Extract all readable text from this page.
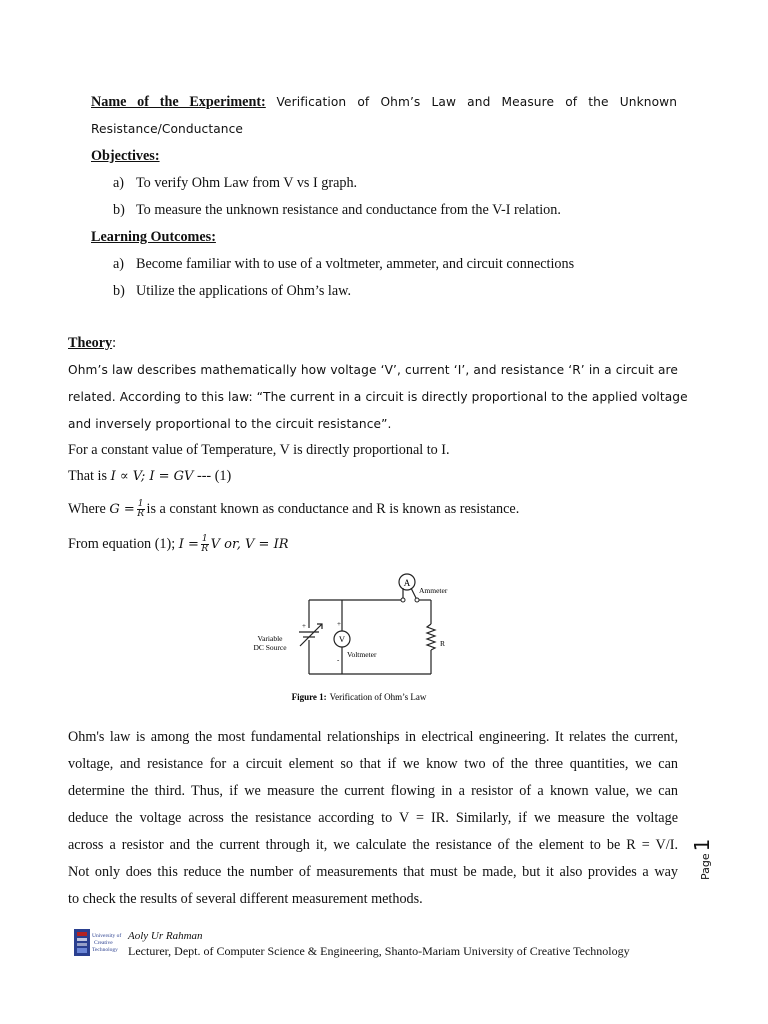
Name of the Experiment: Verification of Ohm’s Law and Measure of the Unknown
Resistance/Conductance
Objectives:
a) To verify Ohm Law from V vs I graph.
b) To measure the unknown resistance and conductance from the V-I relation.
Learning Outcomes:
a) Become familiar with to use of a voltmeter, ammeter, and circuit connections
b) Utilize the applications of Ohm’s law.
Theory:
Ohm’s law describes mathematically how voltage ‘V’, current ‘I’, and resistance ‘R’ in a circuit are
related. According to this law: “The current in a circuit is directly proportional to the applied voltage
and inversely proportional to the circuit resistance”.
For a constant value of Temperature, V is directly proportional to I.
That is I ∝ V; I = GV --- (1)
Where $G = \frac{1}{R}$ is a constant known as conductance and R is known as resistance.
From equation (1); $I = \frac{1}{R}$ V or, V = IR
A
Ammeter
V
Voltmeter
+
-
R
+
Variable
DC Source
Figure 1: Verification of Ohm’s Law
Ohm's law is among the most fundamental relationships in electrical engineering. It relates the current,
voltage, and resistance for a circuit element so that if we know two of the three quantities, we can
determine the third. Thus, if we measure the current flowing in a resistor of a known value, we can
deduce the voltage across the resistance according to V = IR. Similarly, if we measure the voltage
across a resistor and the current through it, we calculate the resistance of the element to be R = V/I.
Not only does this reduce the number of measurements that must be made, but it also provides a way
to check the results of several different measurement methods.
Page1
University of
Creative
Technology
Aoly Ur Rahman
Lecturer, Dept. of Computer Science & Engineering, Shanto-Mariam University of Creative Technology
